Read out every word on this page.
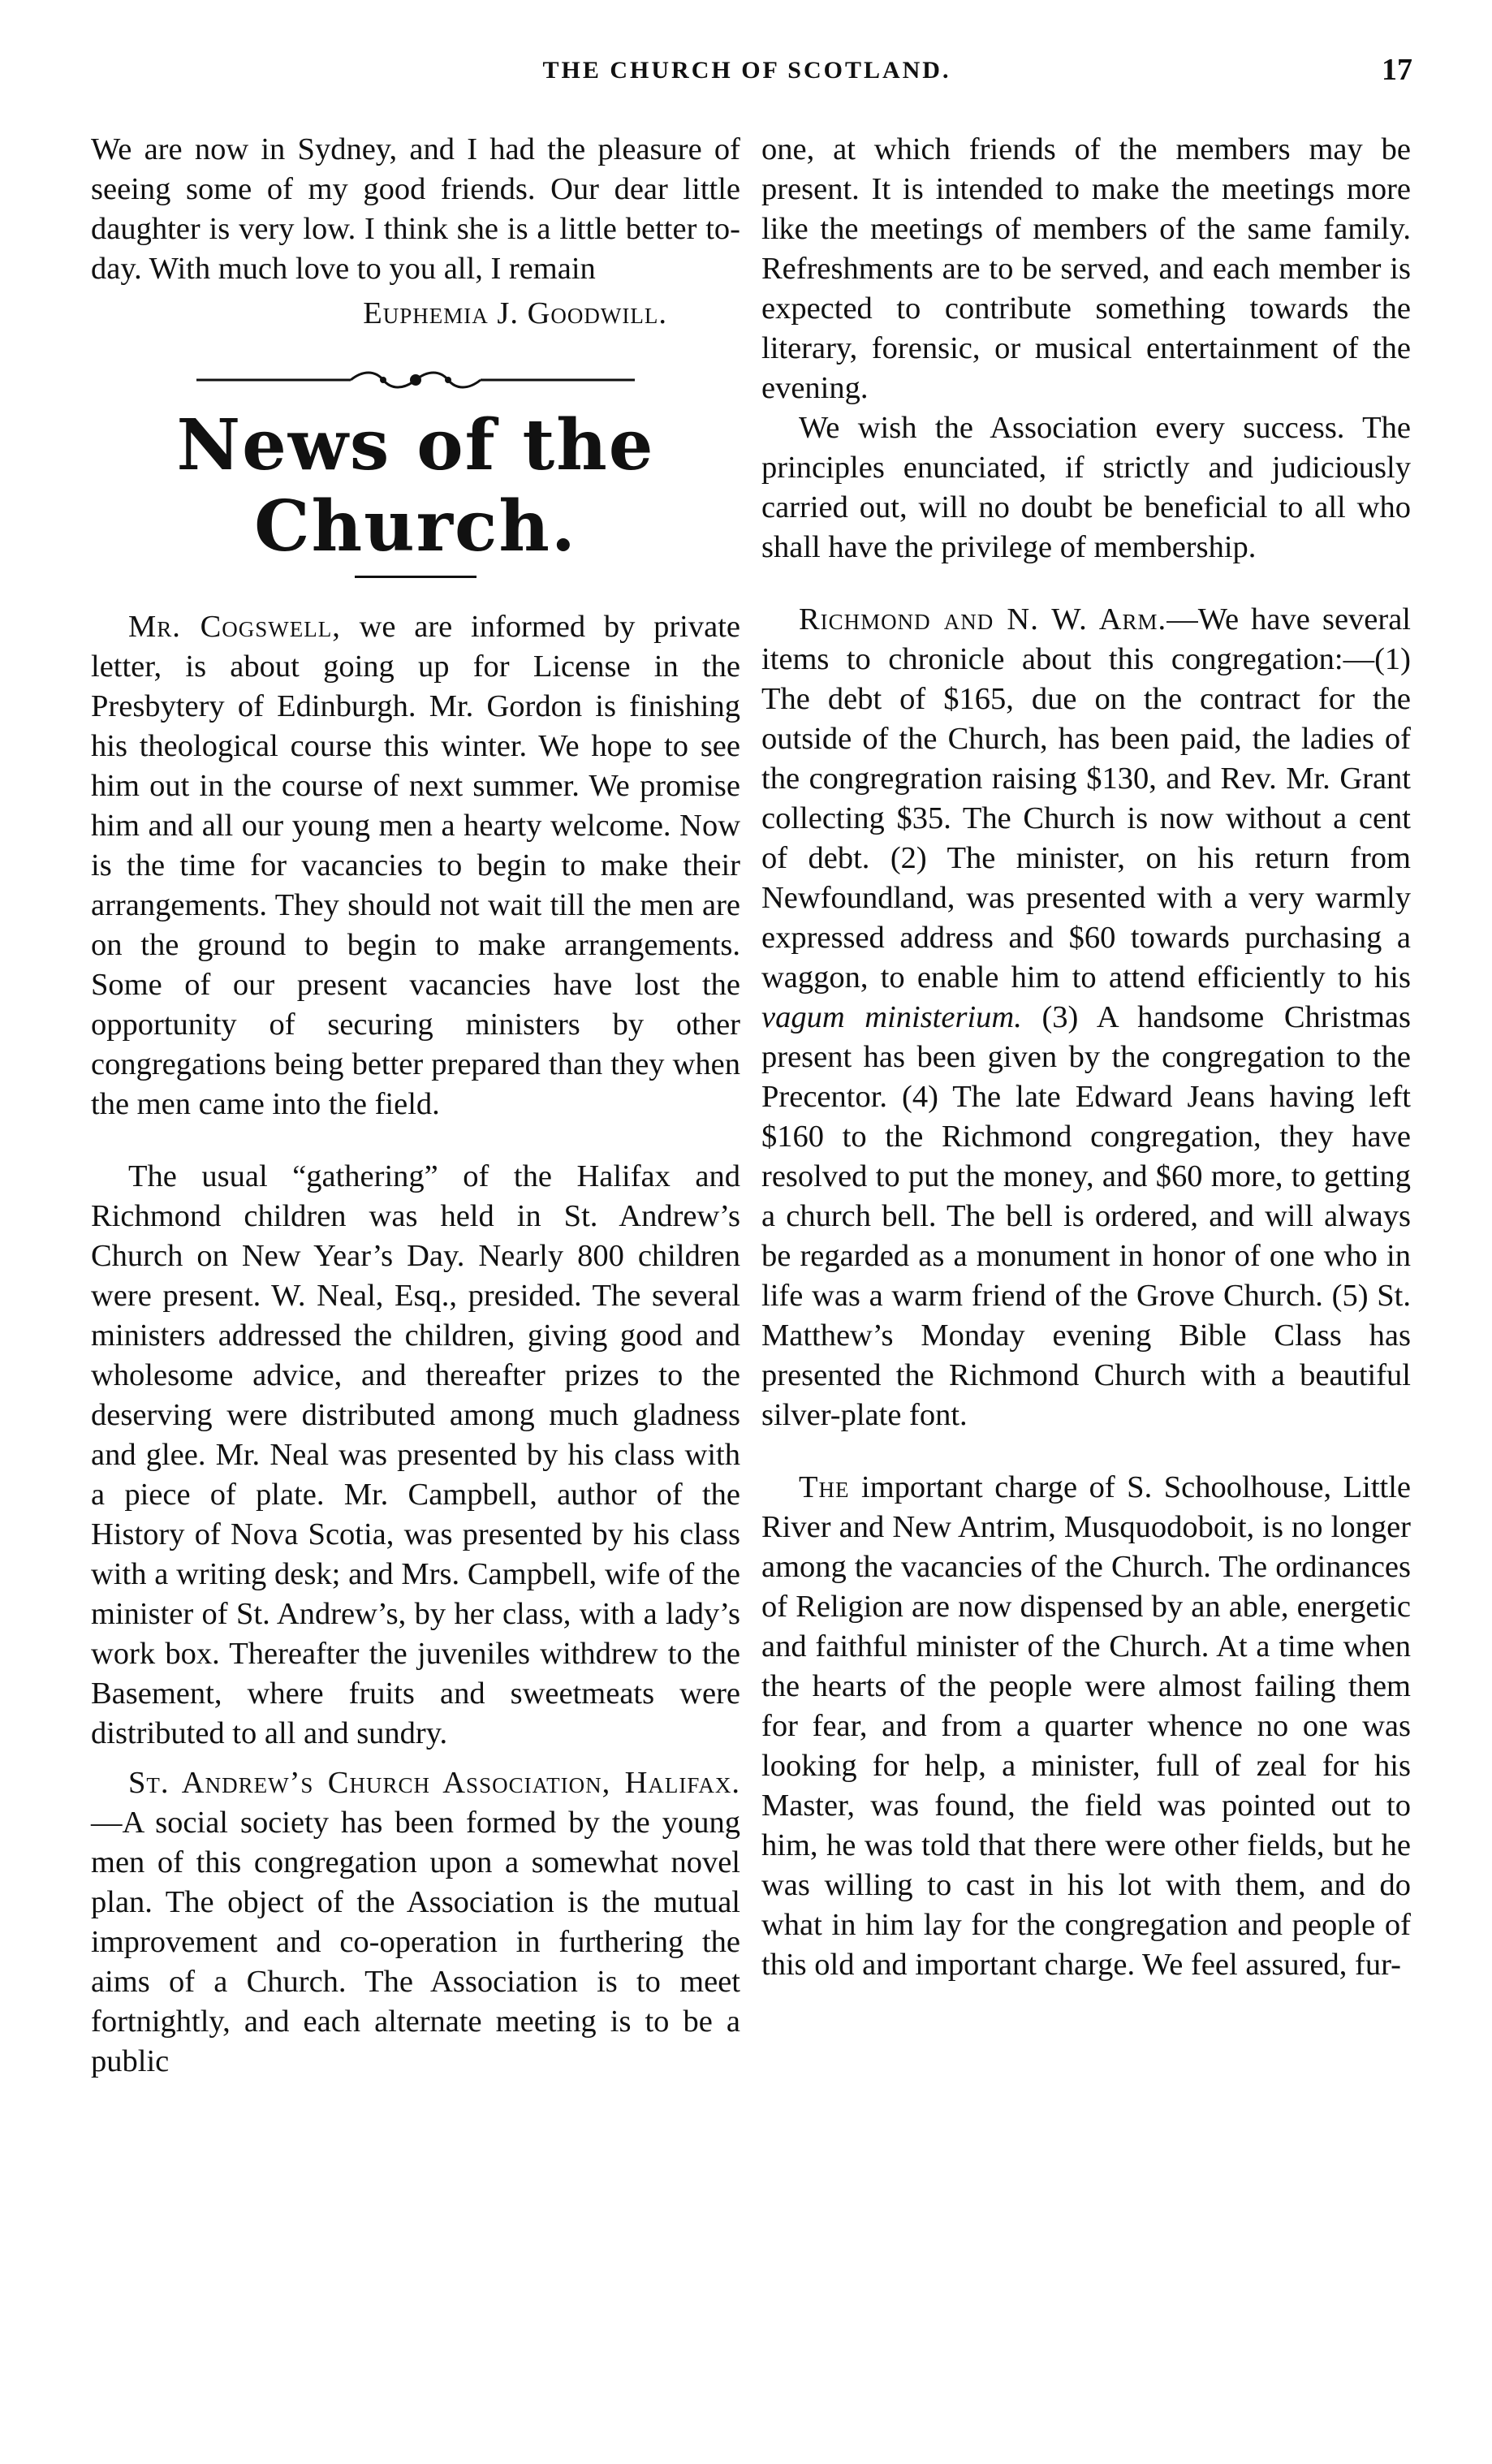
THE CHURCH OF SCOTLAND.	17

We are now in Sydney, and I had the pleasure of seeing some of my good friends. Our dear little daughter is very low. I think she is a little better to-day. With much love to you all, I remain

Euphemia J. Goodwill.
News of the Church.

Mr. Cogswell, we are informed by private letter, is about going up for License in the Presbytery of Edinburgh. Mr. Gordon is finishing his theological course this winter. We hope to see him out in the course of next summer. We promise him and all our young men a hearty welcome. Now is the time for vacancies to begin to make their arrangements. They should not wait till the men are on the ground to begin to make arrangements. Some of our present vacancies have lost the opportunity of securing ministers by other congregations being better prepared than they when the men came into the field.

The usual “gathering” of the Halifax and Richmond children was held in St. Andrew’s Church on New Year’s Day. Nearly 800 children were present. W. Neal, Esq., presided. The several ministers addressed the children, giving good and wholesome advice, and thereafter prizes to the deserving were distributed among much gladness and glee. Mr. Neal was presented by his class with a piece of plate. Mr. Campbell, author of the History of Nova Scotia, was presented by his class with a writing desk; and Mrs. Campbell, wife of the minister of St. Andrew’s, by her class, with a lady’s work box. Thereafter the juveniles withdrew to the Basement, where fruits and sweetmeats were distributed to all and sundry.

St. Andrew’s Church Association, Halifax.—A social society has been formed by the young men of this congregation upon a somewhat novel plan. The object of the Association is the mutual improvement and co-operation in furthering the aims of a Church. The Association is to meet fortnightly, and each alternate meeting is to be a public

one, at which friends of the members may be present. It is intended to make the meetings more like the meetings of members of the same family. Refreshments are to be served, and each member is expected to contribute something towards the literary, forensic, or musical entertainment of the evening.

We wish the Association every success. The principles enunciated, if strictly and judiciously carried out, will no doubt be beneficial to all who shall have the privilege of membership.

Richmond and N. W. Arm.—We have several items to chronicle about this congregation:—(1) The debt of $165, due on the contract for the outside of the Church, has been paid, the ladies of the congregration raising $130, and Rev. Mr. Grant collecting $35. The Church is now without a cent of debt. (2) The minister, on his return from Newfoundland, was presented with a very warmly expressed address and $60 towards purchasing a waggon, to enable him to attend efficiently to his vagum ministerium. (3) A handsome Christmas present has been given by the congregation to the Precentor. (4) The late Edward Jeans having left $160 to the Richmond congregation, they have resolved to put the money, and $60 more, to getting a church bell. The bell is ordered, and will always be regarded as a monument in honor of one who in life was a warm friend of the Grove Church. (5) St. Matthew’s Monday evening Bible Class has presented the Richmond Church with a beautiful silver-plate font.

The important charge of S. Schoolhouse, Little River and New Antrim, Musquodoboit, is no longer among the vacancies of the Church. The ordinances of Religion are now dispensed by an able, energetic and faithful minister of the Church. At a time when the hearts of the people were almost failing them for fear, and from a quarter whence no one was looking for help, a minister, full of zeal for his Master, was found, the field was pointed out to him, he was told that there were other fields, but he was willing to cast in his lot with them, and do what in him lay for the congregation and people of this old and important charge. We feel assured, fur-
